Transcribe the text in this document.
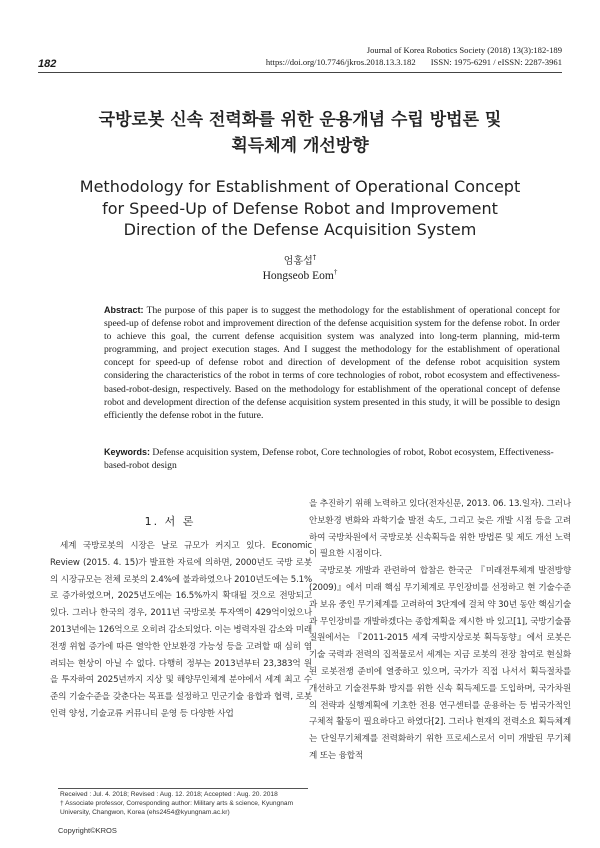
182
Journal of Korea Robotics Society (2018) 13(3):182-189
https://doi.org/10.7746/jkros.2018.13.3.182 ISSN: 1975-6291 / eISSN: 2287-3961
국방로봇 신속 전력화를 위한 운용개념 수립 방법론 및
획득체계 개선방향
Methodology for Establishment of Operational Concept
for Speed-Up of Defense Robot and Improvement
Direction of the Defense Acquisition System
엄홍섭†
Hongseob Eom†
Abstract: The purpose of this paper is to suggest the methodology for the establishment of operational concept for speed-up of defense robot and improvement direction of the defense acquisition system for the defense robot. In order to achieve this goal, the current defense acquisition system was analyzed into long-term planning, mid-term programming, and project execution stages. And I suggest the methodology for the establishment of operational concept for speed-up of defense robot and direction of development of the defense robot acquisition system considering the characteristics of the robot in terms of core technologies of robot, robot ecosystem and effectiveness-based-robot-design, respectively. Based on the methodology for establishment of the operational concept of defense robot and development direction of the defense acquisition system presented in this study, it will be possible to design efficiently the defense robot in the future.
Keywords: Defense acquisition system, Defense robot, Core technologies of robot, Robot ecosystem, Effectiveness-based-robot design
1. 서 론

세계 국방로봇의 시장은 날로 규모가 커지고 있다. Economic Review (2015. 4. 15)가 발표한 자료에 의하면, 2000년도 국방 로봇의 시장규모는 전체 로봇의 2.4%에 불과하였으나 2010년도에는 5.1%로 증가하였으며, 2025년도에는 16.5%까지 확대될 것으로 전망되고 있다. 그러나 한국의 경우, 2011년 국방로봇 투자액이 429억이었으나 2013년에는 126억으로 오히려 감소되었다. 이는 병력자원 감소와 미래 전쟁 위협 증가에 따른 열악한 안보환경 가능성 등을 고려할 때 심히 염려되는 현상이 아닐 수 없다. 다행히 정부는 2013년부터 23,383억 원을 투자하여 2025년까지 지상 및 해양무인체계 분야에서 세계 최고 수준의 기술수준을 갖춘다는 목표를 설정하고 민군기술 융합과 협력, 로봇인력 양성, 기술교류 커뮤니티 운영 등 다양한 사업

을 추진하기 위해 노력하고 있다(전자신문, 2013. 06. 13.일자). 그러나 안보환경 변화와 과학기술 발전 속도, 그리고 늦은 개발 시점 등을 고려하여 국방차원에서 국방로봇 신속획득을 위한 방법론 및 제도 개선 노력이 필요한 시점이다.

국방로봇 개발과 관련하여 합참은 한국군 『미래전투체계 발전방향(2009)』에서 미래 핵심 무기체계로 무인장비를 선정하고 현 기술수준과 보유 중인 무기체계를 고려하여 3단계에 걸쳐 약 30년 동안 핵심기술과 무인장비를 개발하겠다는 종합계획을 제시한 바 있고[1], 국방기술품질원에서는 『2011-2015 세계 국방지상로봇 획득동향』에서 로봇은 기술 국력과 전력의 집적물로서 세계는 지금 로봇의 전장 참여로 현실화된 로봇전쟁 준비에 열중하고 있으며, 국가가 직접 나서서 획득절차를 개선하고 기술전투화 방지를 위한 신속 획득제도를 도입하며, 국가차원의 전략과 실행계획에 기초한 전용 연구센터를 운용하는 등 범국가적인 구체적 활동이 필요하다고 하였다[2]. 그러나 현재의 전력소요 획득체계는 단일무기체계를 전력화하기 위한 프로세스로서 이미 개발된 무기체계 또는 융합적

Received : Jul. 4. 2018; Revised : Aug. 12. 2018; Accepted : Aug. 20. 2018
† Associate professor, Corresponding author: Military arts & science, Kyungnam University, Changwon, Korea (ehs2454@kyungnam.ac.kr)
Copyright©KROS
